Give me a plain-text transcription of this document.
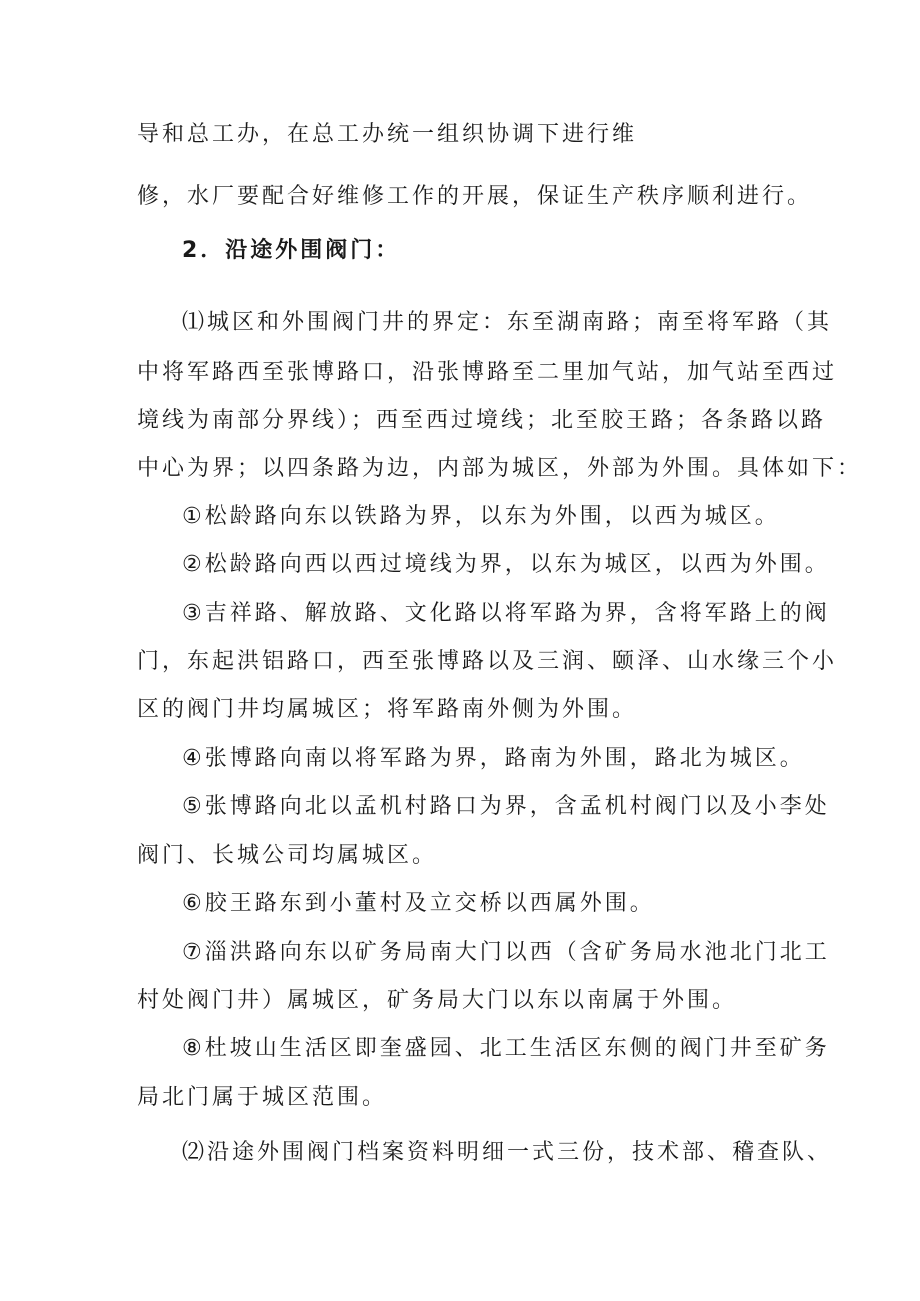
导和总工办，在总工办统一组织协调下进行维
修，水厂要配合好维修工作的开展，保证生产秩序顺利进行。
2．沿途外围阀门：
⑴城区和外围阀门井的界定：东至湖南路；南至将军路（其
中将军路西至张博路口，沿张博路至二里加气站，加气站至西过
境线为南部分界线）；西至西过境线；北至胶王路；各条路以路
中心为界；以四条路为边，内部为城区，外部为外围。具体如下：
①松龄路向东以铁路为界，以东为外围，以西为城区。
②松龄路向西以西过境线为界，以东为城区，以西为外围。
③吉祥路、解放路、文化路以将军路为界，含将军路上的阀
门，东起洪铝路口，西至张博路以及三润、颐泽、山水缘三个小
区的阀门井均属城区；将军路南外侧为外围。
④张博路向南以将军路为界，路南为外围，路北为城区。
⑤张博路向北以孟机村路口为界，含孟机村阀门以及小李处
阀门、长城公司均属城区。
⑥胶王路东到小董村及立交桥以西属外围。
⑦淄洪路向东以矿务局南大门以西（含矿务局水池北门北工
村处阀门井）属城区，矿务局大门以东以南属于外围。
⑧杜坡山生活区即奎盛园、北工生活区东侧的阀门井至矿务
局北门属于城区范围。
⑵沿途外围阀门档案资料明细一式三份，技术部、稽查队、
